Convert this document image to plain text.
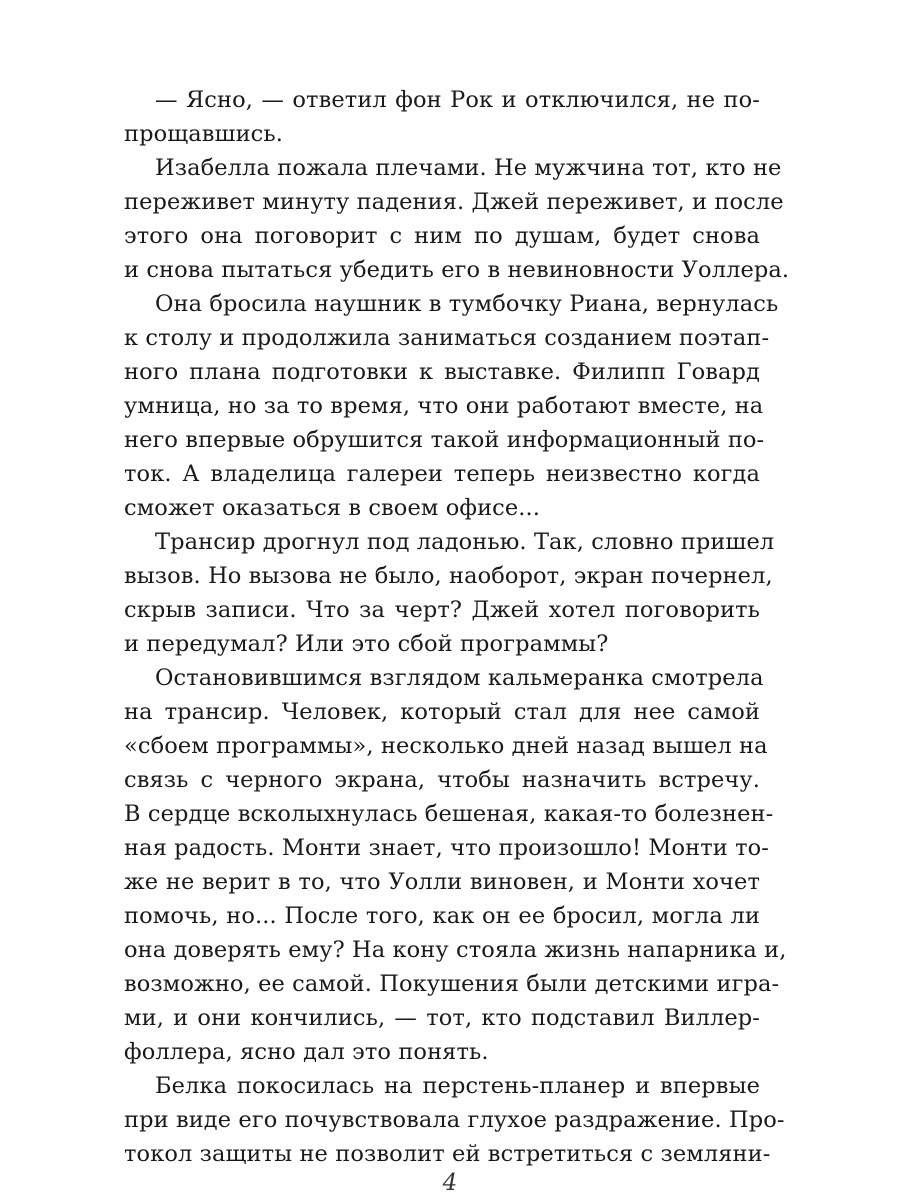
— Ясно, — ответил фон Рок и отключился, не по-

прощавшись.

Изабелла пожала плечами. Не мужчина тот, кто не

переживет минуту падения. Джей переживет, и после

этого она поговорит с ним по душам, будет снова

и снова пытаться убедить его в невиновности Уоллера.

Она бросила наушник в тумбочку Риана, вернулась

к столу и продолжила заниматься созданием поэтап-

ного плана подготовки к выставке. Филипп Говард

умница, но за то время, что они работают вместе, на

него впервые обрушится такой информационный по-

ток. А владелица галереи теперь неизвестно когда

сможет оказаться в своем офисе...

Трансир дрогнул под ладонью. Так, словно пришел

вызов. Но вызова не было, наоборот, экран почернел,

скрыв записи. Что за черт? Джей хотел поговорить

и передумал? Или это сбой программы?

Остановившимся взглядом кальмеранка смотрела

на трансир. Человек, который стал для нее самой

«сбоем программы», несколько дней назад вышел на

связь с черного экрана, чтобы назначить встречу.

В сердце всколыхнулась бешеная, какая-то болезнен-

ная радость. Монти знает, что произошло! Монти то-

же не верит в то, что Уолли виновен, и Монти хочет

помочь, но... После того, как он ее бросил, могла ли

она доверять ему? На кону стояла жизнь напарника и,

возможно, ее самой. Покушения были детскими игра-

ми, и они кончились, — тот, кто подставил Виллер-

фоллера, ясно дал это понять.

Белка покосилась на перстень-планер и впервые

при виде его почувствовала глухое раздражение. Про-

токол защиты не позволит ей встретиться с земляни-

4
